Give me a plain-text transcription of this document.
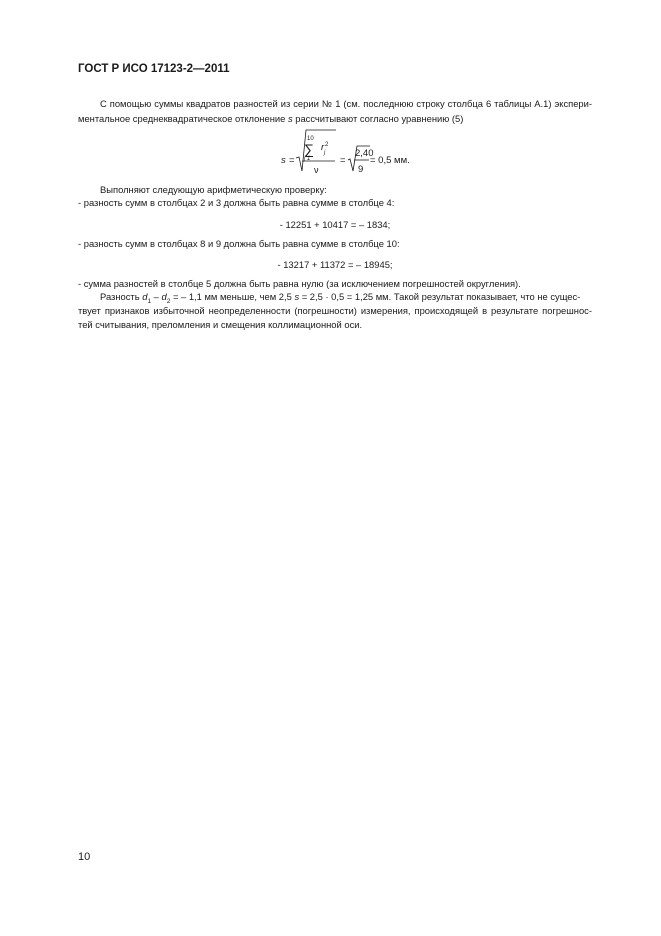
ГОСТ Р ИСО 17123-2—2011
С помощью суммы квадратов разностей из серии № 1 (см. последнюю строку столбца 6 таблицы А.1) экспери-
ментальное среднеквадратическое отклонение s рассчитывают согласно уравнению (5)
s =
10
∑ r 2
j
j 1
ν
=
2,40
9
= 0,5 мм.
Выполняют следующую арифметическую проверку:
- разность сумм в столбцах 2 и 3 должна быть равна сумме в столбце 4:
- 12251 + 10417 = – 1834;
- разность сумм в столбцах 8 и 9 должна быть равна сумме в столбце 10:
- 13217 + 11372 = – 18945;
- сумма разностей в столбце 5 должна быть равна нулю (за исключением погрешностей округления).
Разность $d_1 - d_2$ = – 1,1 мм меньше, чем 2,5 s = 2,5 · 0,5 = 1,25 мм. Такой результат показывает, что не сущес-
твует признаков избыточной неопределенности (погрешности) измерения, происходящей в результате погрешнос-
тей считывания, преломления и смещения коллимационной оси.
10
